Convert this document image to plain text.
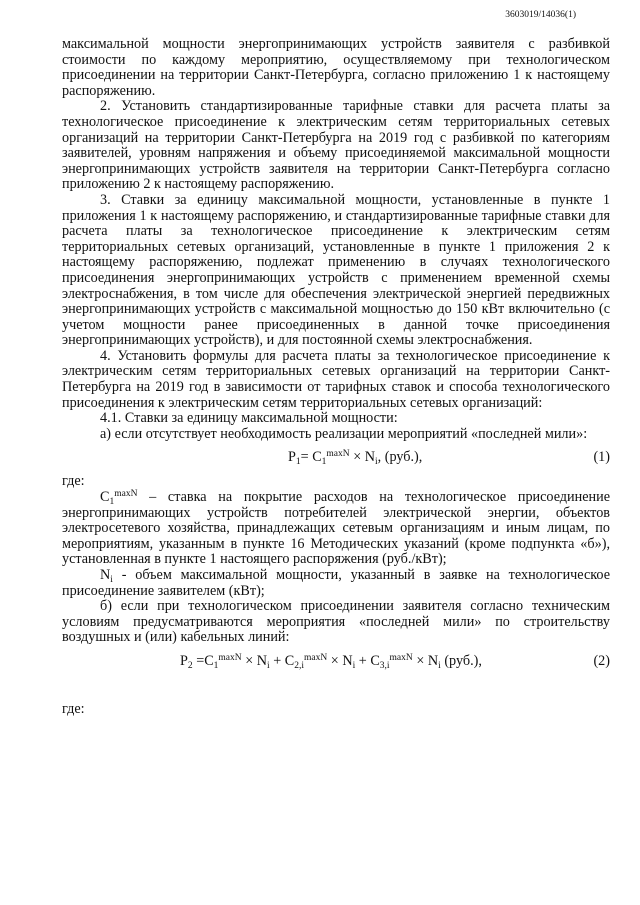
3603019/14036(1)

максимальной мощности энергопринимающих устройств заявителя с разбивкой стоимости по каждому мероприятию, осуществляемому при технологическом присоединении на территории Санкт-Петербурга, согласно приложению 1 к настоящему распоряжению.

2. Установить стандартизированные тарифные ставки для расчета платы за технологическое присоединение к электрическим сетям территориальных сетевых организаций на территории Санкт-Петербурга на 2019 год с разбивкой по категориям заявителей, уровням напряжения и объему присоединяемой максимальной мощности энергопринимающих устройств заявителя на территории Санкт-Петербурга согласно приложению 2 к настоящему распоряжению.

3. Ставки за единицу максимальной мощности, установленные в пункте 1 приложения 1 к настоящему распоряжению, и стандартизированные тарифные ставки для расчета платы за технологическое присоединение к электрическим сетям территориальных сетевых организаций, установленные в пункте 1 приложения 2 к настоящему распоряжению, подлежат применению в случаях технологического присоединения энергопринимающих устройств с применением временной схемы электроснабжения, в том числе для обеспечения электрической энергией передвижных энергопринимающих устройств с максимальной мощностью до 150 кВт включительно (с учетом мощности ранее присоединенных в данной точке присоединения энергопринимающих устройств), и для постоянной схемы электроснабжения.

4. Установить формулы для расчета платы за технологическое присоединение к электрическим сетям территориальных сетевых организаций на территории Санкт-Петербурга на 2019 год в зависимости от тарифных ставок и способа технологического присоединения к электрическим сетям территориальных сетевых организаций:

4.1. Ставки за единицу максимальной мощности:

а) если отсутствует необходимость реализации мероприятий «последней мили»:

$P_1= C_1^{maxN} \times N_i$, (руб.),	(1)

где:

$C_1^{maxN}$ – ставка на покрытие расходов на технологическое присоединение энергопринимающих устройств потребителей электрической энергии, объектов электросетевого хозяйства, принадлежащих сетевым организациям и иным лицам, по мероприятиям, указанным в пункте 16 Методических указаний (кроме подпункта «б»), установленная в пункте 1 настоящего распоряжения (руб./кВт);

$N_i$ - объем максимальной мощности, указанный в заявке на технологическое присоединение заявителем (кВт);

б) если при технологическом присоединении заявителя согласно техническим условиям предусматриваются мероприятия «последней мили» по строительству воздушных и (или) кабельных линий:

$P_2 =C_1^{maxN} \times N_i + C_{2,i}^{maxN} \times N_i + C_{3,i}^{maxN} \times N_i$ (руб.),	(2)

где:
